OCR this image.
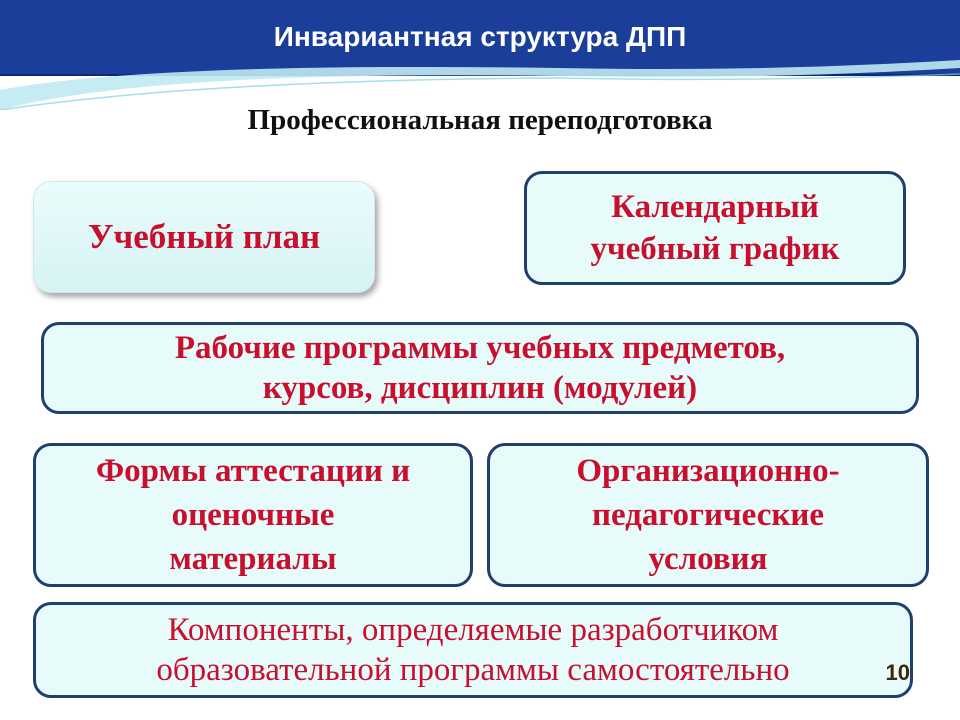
Инвариантная структура ДПП
Профессиональная переподготовка
Учебный план
Календарный
учебный график
Рабочие программы учебных предметов,
курсов, дисциплин (модулей)
Формы аттестации и
оценочные
материалы
Организационно-
педагогические
условия
Компоненты, определяемые разработчиком
образовательной программы самостоятельно	10
